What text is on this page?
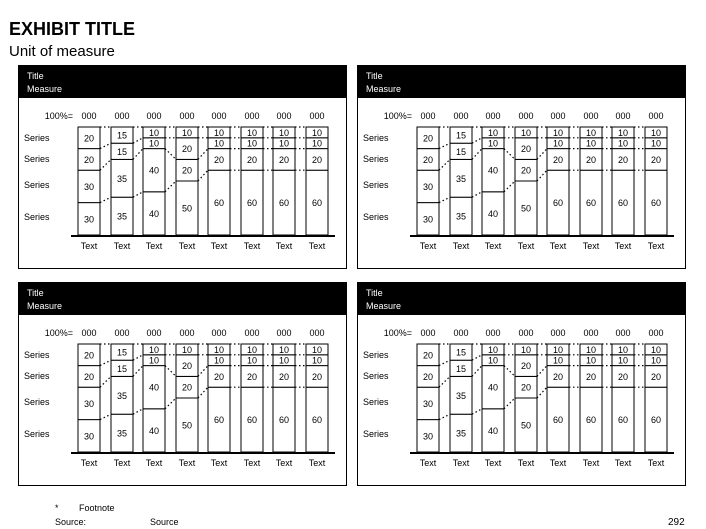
EXHIBIT TITLE
Unit of measure
Title
Measure
100%=
Series
Series
Series
Series
000
30
30
20
20
Text
000
35
35
15
15
Text
000
40
40
10
10
Text
000
50
20
20
10
Text
000
60
20
10
10
Text
000
60
20
10
10
Text
000
60
20
10
10
Text
000
60
20
10
10
Text
Title
Measure
100%=
Series
Series
Series
Series
000
30
30
20
20
Text
000
35
35
15
15
Text
000
40
40
10
10
Text
000
50
20
20
10
Text
000
60
20
10
10
Text
000
60
20
10
10
Text
000
60
20
10
10
Text
000
60
20
10
10
Text
Title
Measure
100%=
Series
Series
Series
Series
000
30
30
20
20
Text
000
35
35
15
15
Text
000
40
40
10
10
Text
000
50
20
20
10
Text
000
60
20
10
10
Text
000
60
20
10
10
Text
000
60
20
10
10
Text
000
60
20
10
10
Text
Title
Measure
100%=
Series
Series
Series
Series
000
30
30
20
20
Text
000
35
35
15
15
Text
000
40
40
10
10
Text
000
50
20
20
10
Text
000
60
20
10
10
Text
000
60
20
10
10
Text
000
60
20
10
10
Text
000
60
20
10
10
Text
* Footnote
Source:	Source	292
